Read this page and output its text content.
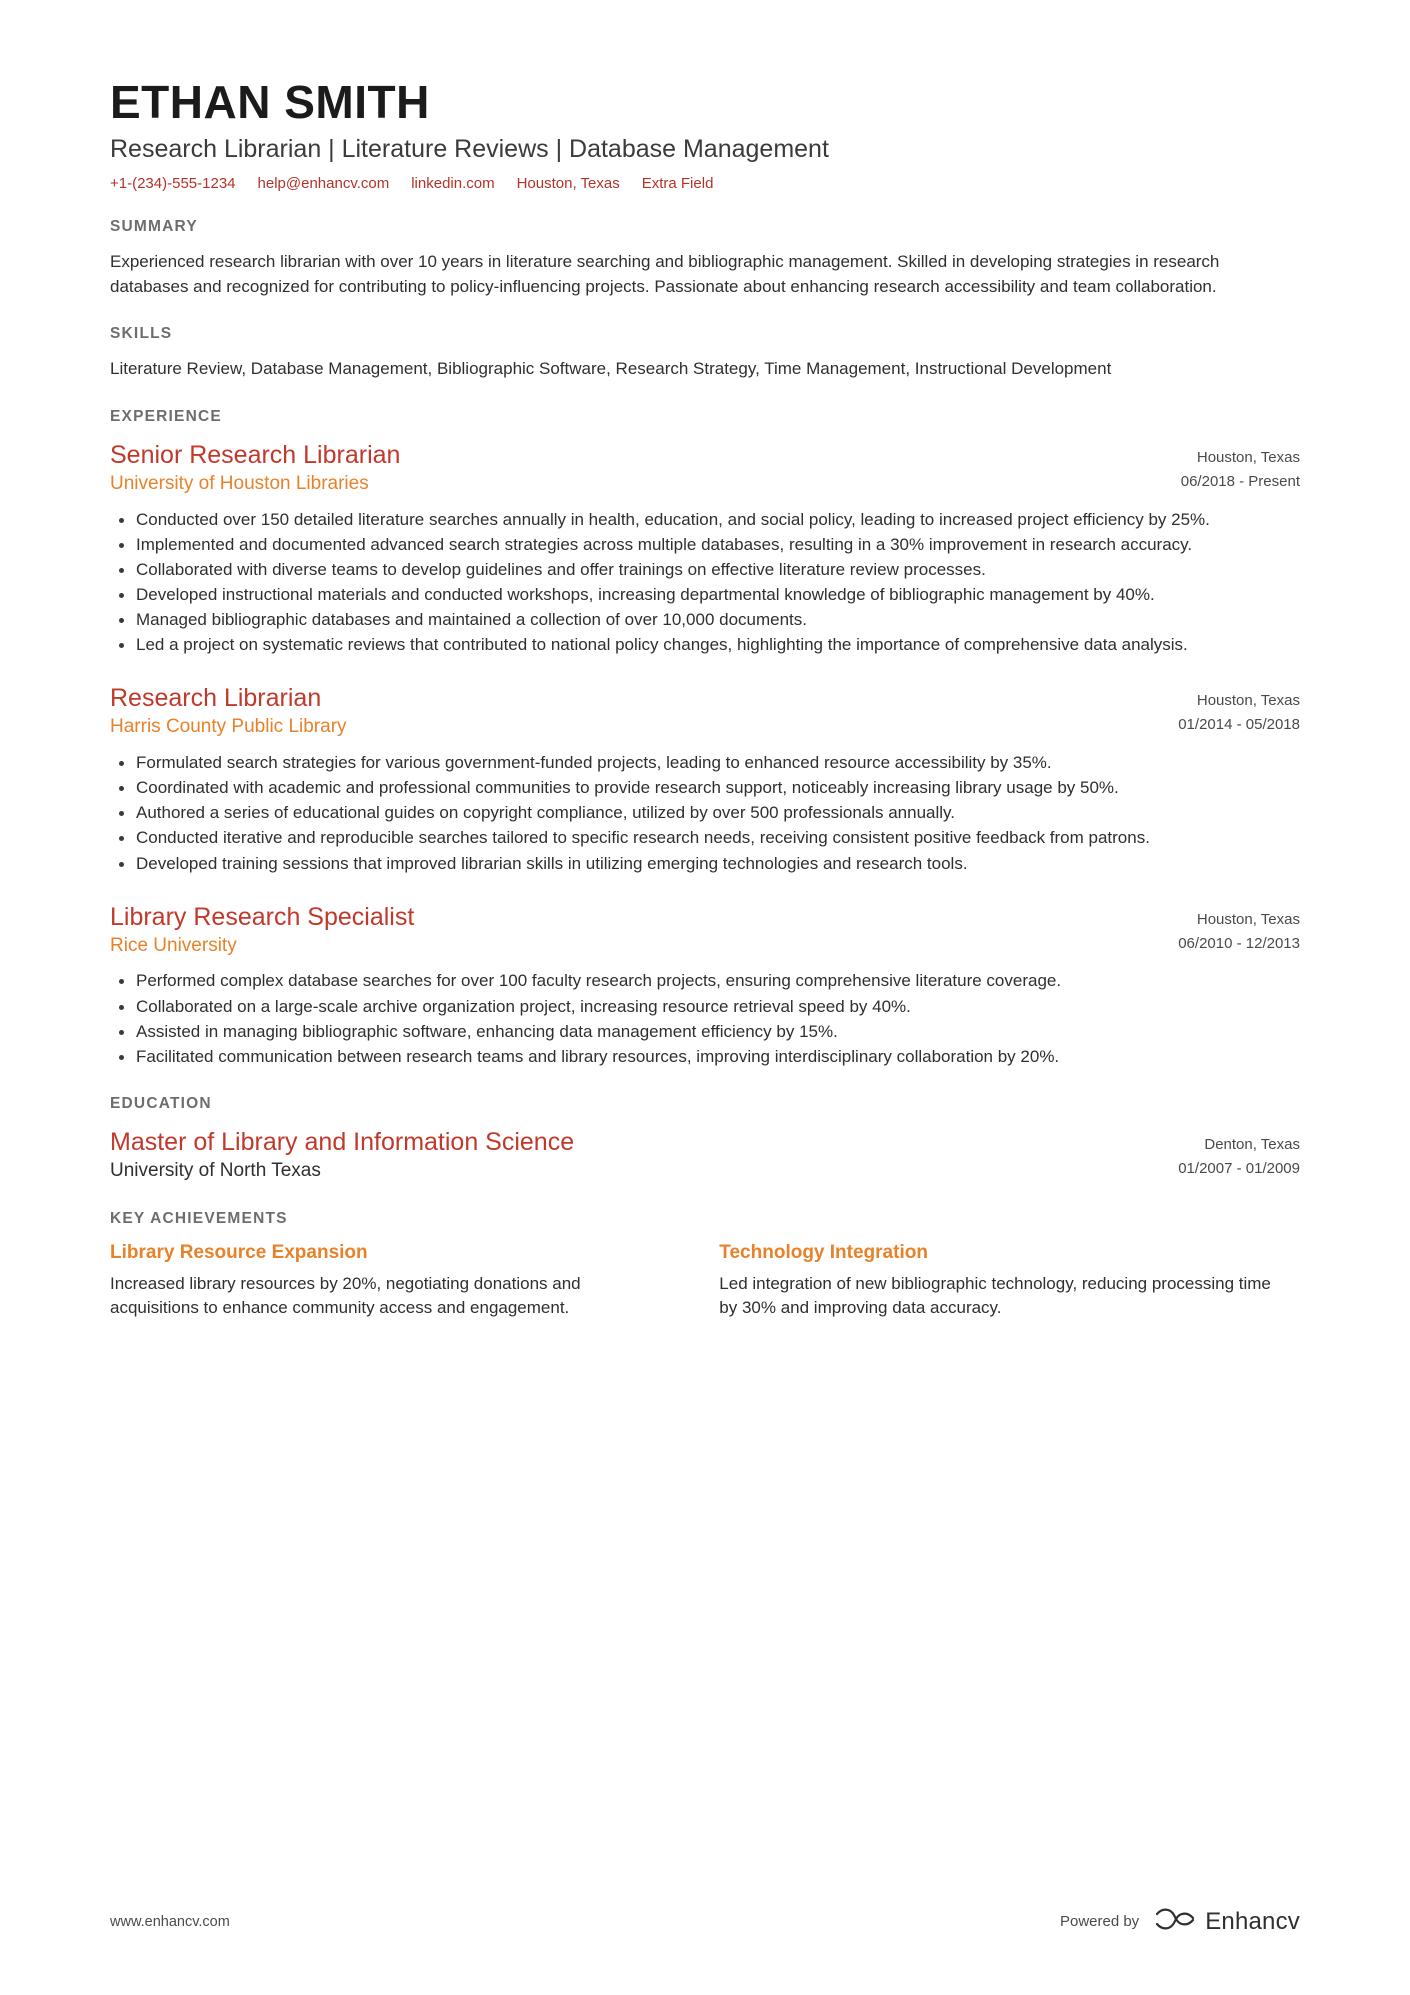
ETHAN SMITH
Research Librarian | Literature Reviews | Database Management
+1-(234)-555-1234 help@enhancv.com linkedin.com Houston, Texas Extra Field
SUMMARY
Experienced research librarian with over 10 years in literature searching and bibliographic management. Skilled in developing strategies in research databases and recognized for contributing to policy-influencing projects. Passionate about enhancing research accessibility and team collaboration.
SKILLS
Literature Review, Database Management, Bibliographic Software, Research Strategy, Time Management, Instructional Development
EXPERIENCE
Senior Research Librarian
University of Houston Libraries
Houston, Texas
06/2018 - Present
Conducted over 150 detailed literature searches annually in health, education, and social policy, leading to increased project efficiency by 25%.
Implemented and documented advanced search strategies across multiple databases, resulting in a 30% improvement in research accuracy.
Collaborated with diverse teams to develop guidelines and offer trainings on effective literature review processes.
Developed instructional materials and conducted workshops, increasing departmental knowledge of bibliographic management by 40%.
Managed bibliographic databases and maintained a collection of over 10,000 documents.
Led a project on systematic reviews that contributed to national policy changes, highlighting the importance of comprehensive data analysis.
Research Librarian
Harris County Public Library
Houston, Texas
01/2014 - 05/2018
Formulated search strategies for various government-funded projects, leading to enhanced resource accessibility by 35%.
Coordinated with academic and professional communities to provide research support, noticeably increasing library usage by 50%.
Authored a series of educational guides on copyright compliance, utilized by over 500 professionals annually.
Conducted iterative and reproducible searches tailored to specific research needs, receiving consistent positive feedback from patrons.
Developed training sessions that improved librarian skills in utilizing emerging technologies and research tools.
Library Research Specialist
Rice University
Houston, Texas
06/2010 - 12/2013
Performed complex database searches for over 100 faculty research projects, ensuring comprehensive literature coverage.
Collaborated on a large-scale archive organization project, increasing resource retrieval speed by 40%.
Assisted in managing bibliographic software, enhancing data management efficiency by 15%.
Facilitated communication between research teams and library resources, improving interdisciplinary collaboration by 20%.
EDUCATION
Master of Library and Information Science
University of North Texas
Denton, Texas
01/2007 - 01/2009
KEY ACHIEVEMENTS
Library Resource Expansion
Increased library resources by 20%, negotiating donations and acquisitions to enhance community access and engagement.
Technology Integration
Led integration of new bibliographic technology, reducing processing time by 30% and improving data accuracy.
www.enhancv.com	Powered by	Enhancv
